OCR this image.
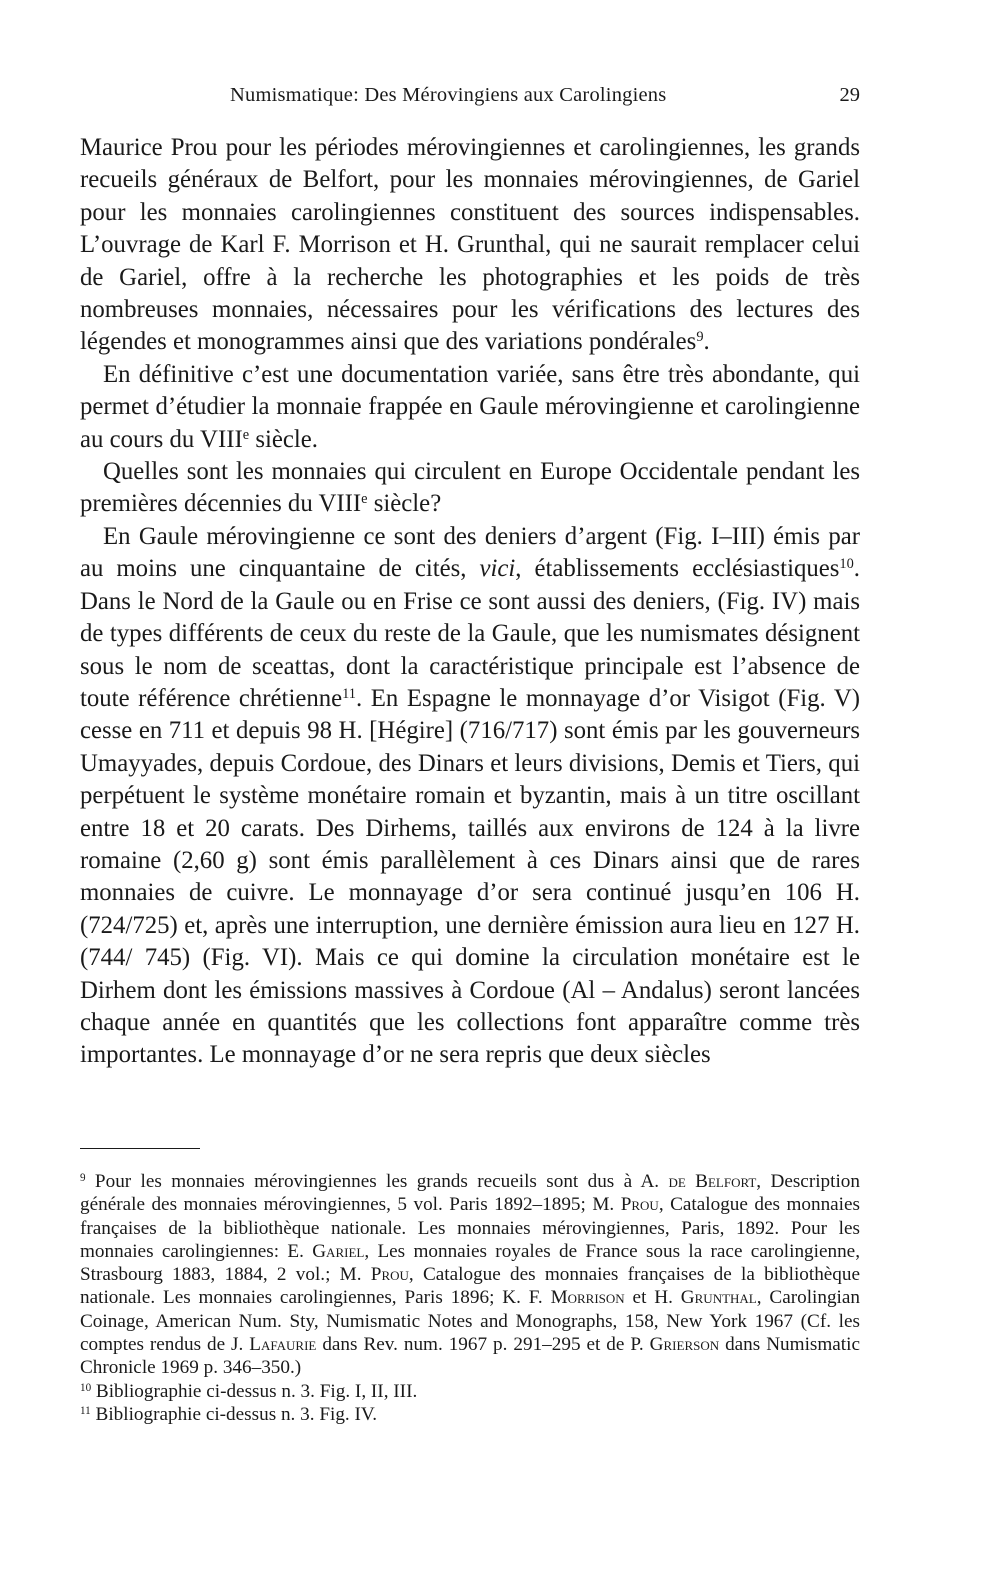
Numismatique: Des Mérovingiens aux Carolingiens	29

Maurice Prou pour les périodes mérovingiennes et carolingiennes, les grands recueils généraux de Belfort, pour les monnaies mérovingiennes, de Gariel pour les monnaies carolingiennes constituent des sources indispensables. L’ouvrage de Karl F. Morrison et H. Grunthal, qui ne saurait remplacer celui de Gariel, offre à la recherche les photographies et les poids de très nombreuses monnaies, nécessaires pour les vérifications des lectures des légendes et monogrammes ainsi que des variations pondérales$^9$.

En définitive c’est une documentation variée, sans être très abondante, qui permet d’étudier la monnaie frappée en Gaule mérovingienne et carolingienne au cours du VIIIe siècle.

Quelles sont les monnaies qui circulent en Europe Occidentale pendant les premières décennies du VIIIe siècle?

En Gaule mérovingienne ce sont des deniers d’argent (Fig. I–III) émis par au moins une cinquantaine de cités, vici, établissements ecclésiastiques$^{10}$. Dans le Nord de la Gaule ou en Frise ce sont aussi des deniers, (Fig. IV) mais de types différents de ceux du reste de la Gaule, que les numismates désignent sous le nom de sceattas, dont la caractéristique principale est l’absence de toute référence chrétienne$^{11}$. En Espagne le monnayage d’or Visigot (Fig. V) cesse en 711 et depuis 98 H. [Hégire] (716/717) sont émis par les gouverneurs Umayyades, depuis Cordoue, des Dinars et leurs divisions, Demis et Tiers, qui perpétuent le système monétaire romain et byzantin, mais à un titre oscillant entre 18 et 20 carats. Des Dirhems, taillés aux environs de 124 à la livre romaine (2,60 g) sont émis parallèlement à ces Dinars ainsi que de rares monnaies de cuivre. Le monnayage d’or sera continué jusqu’en 106 H. (724/725) et, après une interruption, une dernière émission aura lieu en 127 H. (744/ 745) (Fig. VI). Mais ce qui domine la circulation monétaire est le Dirhem dont les émissions massives à Cordoue (Al – Andalus) seront lancées chaque année en quantités que les collections font apparaître comme très importantes. Le monnayage d’or ne sera repris que deux siècles

$^9$ Pour les monnaies mérovingiennes les grands recueils sont dus à A. de Belfort, Description générale des monnaies mérovingiennes, 5 vol. Paris 1892–1895; M. Prou, Catalogue des monnaies françaises de la bibliothèque nationale. Les monnaies mérovingiennes, Paris, 1892. Pour les monnaies carolingiennes: E. Gariel, Les monnaies royales de France sous la race carolingienne, Strasbourg 1883, 1884, 2 vol.; M. Prou, Catalogue des monnaies françaises de la bibliothèque nationale. Les monnaies carolingiennes, Paris 1896; K. F. Morrison et H. Grunthal, Carolingian Coinage, American Num. Sty, Numismatic Notes and Monographs, 158, New York 1967 (Cf. les comptes rendus de J. Lafaurie dans Rev. num. 1967 p. 291–295 et de P. Grierson dans Numismatic Chronicle 1969 p. 346–350.)

$^{10}$ Bibliographie ci-dessus n. 3. Fig. I, II, III.

$^{11}$ Bibliographie ci-dessus n. 3. Fig. IV.
